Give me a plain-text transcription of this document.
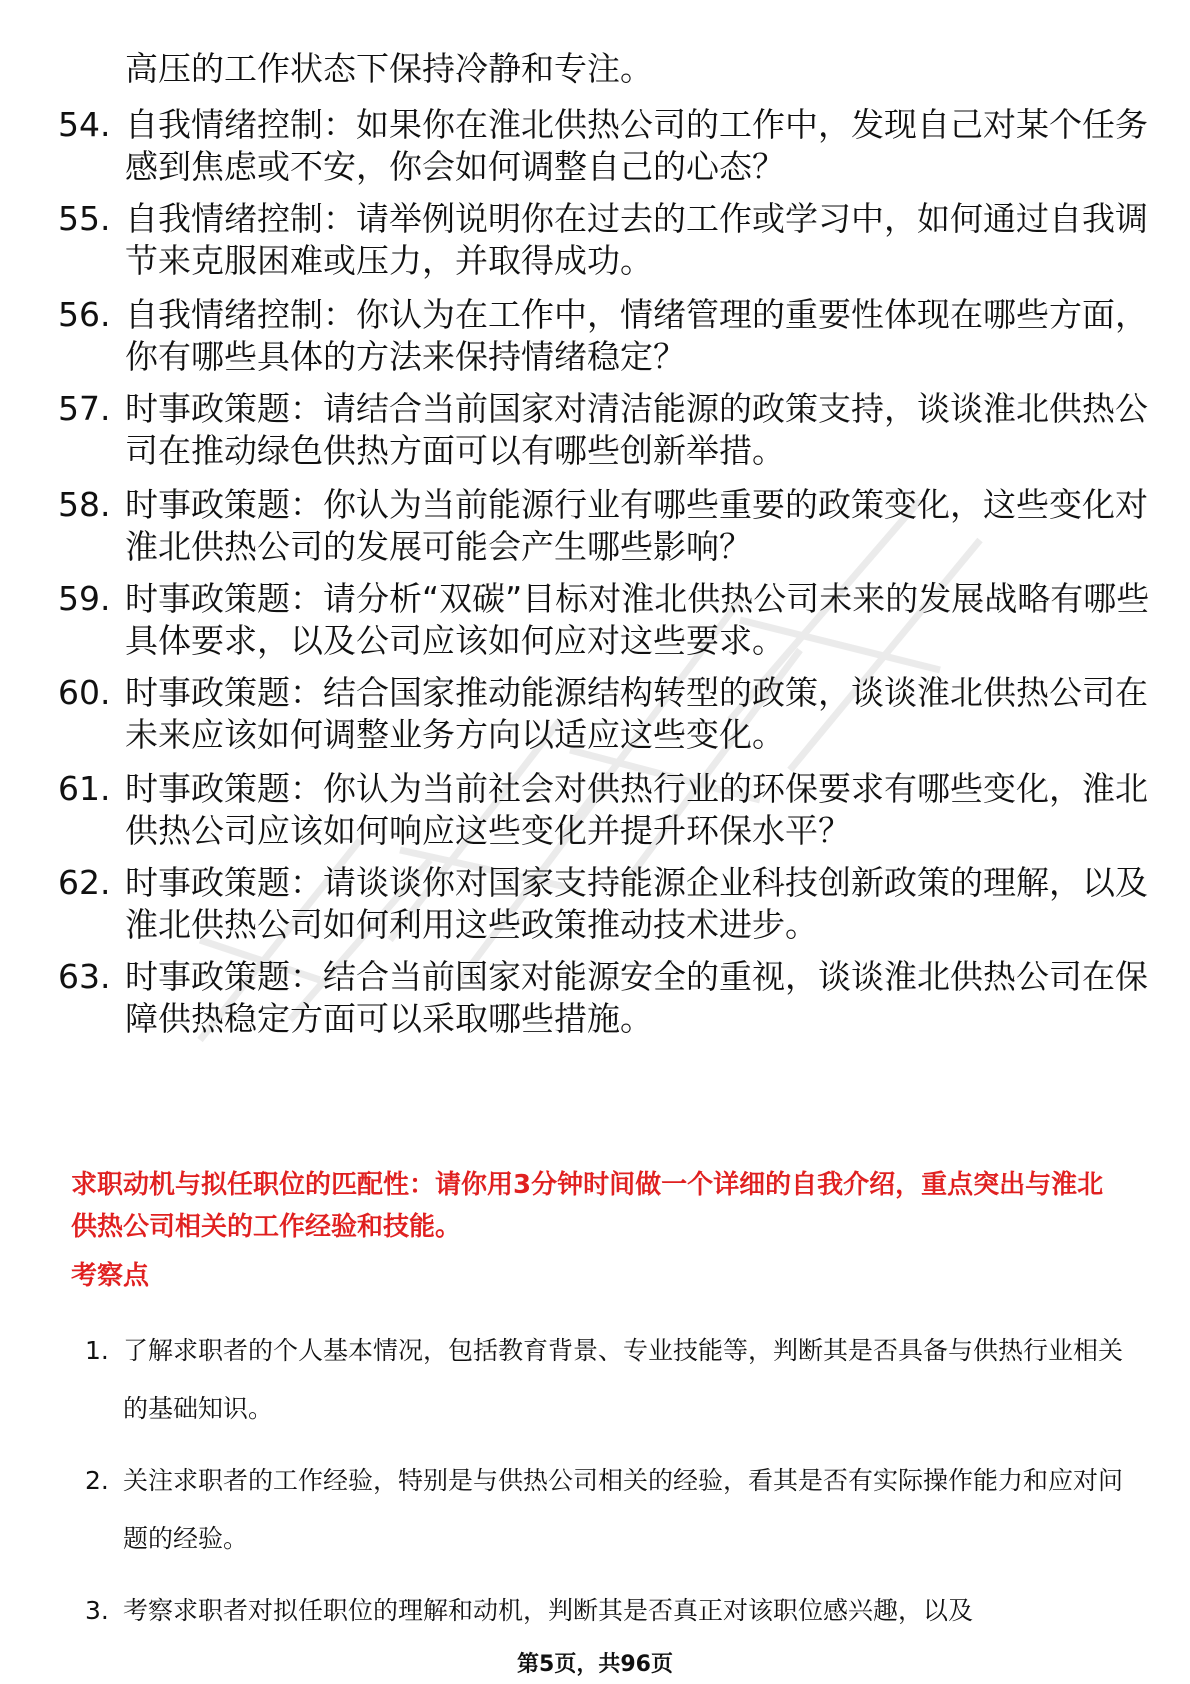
高压的工作状态下保持冷静和专注。

54. 自我情绪控制：如果你在淮北供热公司的工作中，发现自己对某个任务感到焦虑或不安，你会如何调整自己的心态？
55. 自我情绪控制：请举例说明你在过去的工作或学习中，如何通过自我调节来克服困难或压力，并取得成功。
56. 自我情绪控制：你认为在工作中，情绪管理的重要性体现在哪些方面，你有哪些具体的方法来保持情绪稳定？
57. 时事政策题：请结合当前国家对清洁能源的政策支持，谈谈淮北供热公司在推动绿色供热方面可以有哪些创新举措。
58. 时事政策题：你认为当前能源行业有哪些重要的政策变化，这些变化对淮北供热公司的发展可能会产生哪些影响？
59. 时事政策题：请分析“双碳”目标对淮北供热公司未来的发展战略有哪些具体要求，以及公司应该如何应对这些要求。
60. 时事政策题：结合国家推动能源结构转型的政策，谈谈淮北供热公司在未来应该如何调整业务方向以适应这些变化。
61. 时事政策题：你认为当前社会对供热行业的环保要求有哪些变化，淮北供热公司应该如何响应这些变化并提升环保水平？
62. 时事政策题：请谈谈你对国家支持能源企业科技创新政策的理解，以及淮北供热公司如何利用这些政策推动技术进步。
63. 时事政策题：结合当前国家对能源安全的重视，谈谈淮北供热公司在保障供热稳定方面可以采取哪些措施。
求职动机与拟任职位的匹配性：请你用3分钟时间做一个详细的自我介绍，重点突出与淮北供热公司相关的工作经验和技能。
考察点
1. 了解求职者的个人基本情况，包括教育背景、专业技能等，判断其是否具备与供热行业相关的基础知识。
2. 关注求职者的工作经验，特别是与供热公司相关的经验，看其是否有实际操作能力和应对问题的经验。
3. 考察求职者对拟任职位的理解和动机，判断其是否真正对该职位感兴趣，以及
第5页，共96页
